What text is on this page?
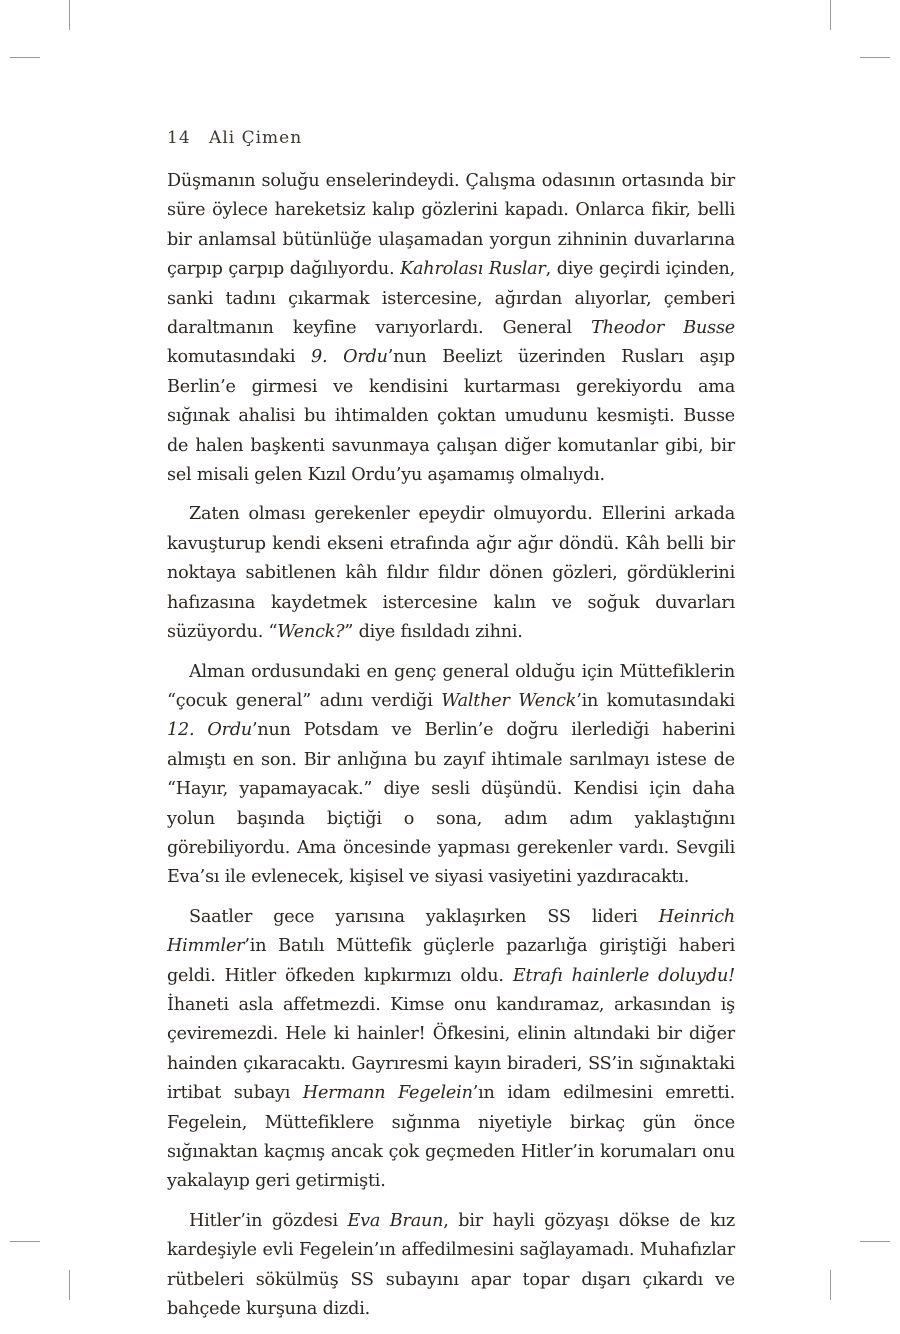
14 Ali Çimen

Düşmanın soluğu enselerindeydi. Çalışma odasının ortasında bir süre öylece hareketsiz kalıp gözlerini kapadı. Onlarca fikir, belli bir anlamsal bütünlüğe ulaşamadan yorgun zihninin duvarlarına çarpıp çarpıp dağılıyordu. Kahrolası Ruslar, diye geçirdi içinden, sanki tadını çıkarmak istercesine, ağırdan alıyorlar, çemberi daraltmanın keyfine varıyorlardı. General Theodor Busse komutasındaki 9. Ordu’nun Beelizt üzerinden Rusları aşıp Berlin’e girmesi ve kendisini kurtarması gerekiyordu ama sığınak ahalisi bu ihtimalden çoktan umudunu kesmişti. Busse de halen başkenti savunmaya çalışan diğer komutanlar gibi, bir sel misali gelen Kızıl Ordu’yu aşamamış olmalıydı.

Zaten olması gerekenler epeydir olmuyordu. Ellerini arkada kavuşturup kendi ekseni etrafında ağır ağır döndü. Kâh belli bir noktaya sabitlenen kâh fıldır fıldır dönen gözleri, gördüklerini hafızasına kaydetmek istercesine kalın ve soğuk duvarları süzüyordu. “Wenck?” diye fısıldadı zihni.

Alman ordusundaki en genç general olduğu için Müttefiklerin “çocuk general” adını verdiği Walther Wenck’in komutasındaki 12. Ordu’nun Potsdam ve Berlin’e doğru ilerlediği haberini almıştı en son. Bir anlığına bu zayıf ihtimale sarılmayı istese de “Hayır, yapamayacak.” diye sesli düşündü. Kendisi için daha yolun başında biçtiği o sona, adım adım yaklaştığını görebiliyordu. Ama öncesinde yapması gerekenler vardı. Sevgili Eva’sı ile evlenecek, kişisel ve siyasi vasiyetini yazdıracaktı.

Saatler gece yarısına yaklaşırken SS lideri Heinrich Himmler’in Batılı Müttefik güçlerle pazarlığa giriştiği haberi geldi. Hitler öfkeden kıpkırmızı oldu. Etrafı hainlerle doluydu! İhaneti asla affetmezdi. Kimse onu kandıramaz, arkasından iş çeviremezdi. Hele ki hainler! Öfkesini, elinin altındaki bir diğer hainden çıkaracaktı. Gayrıresmi kayın biraderi, SS’in sığınaktaki irtibat subayı Hermann Fegelein’ın idam edilmesini emretti. Fegelein, Müttefiklere sığınma niyetiyle birkaç gün önce sığınaktan kaçmış ancak çok geçmeden Hitler’in korumaları onu yakalayıp geri getirmişti.

Hitler’in gözdesi Eva Braun, bir hayli gözyaşı dökse de kız kardeşiyle evli Fegelein’ın affedilmesini sağlayamadı. Muhafızlar rütbeleri sökülmüş SS subayını apar topar dışarı çıkardı ve bahçede kurşuna dizdi.
